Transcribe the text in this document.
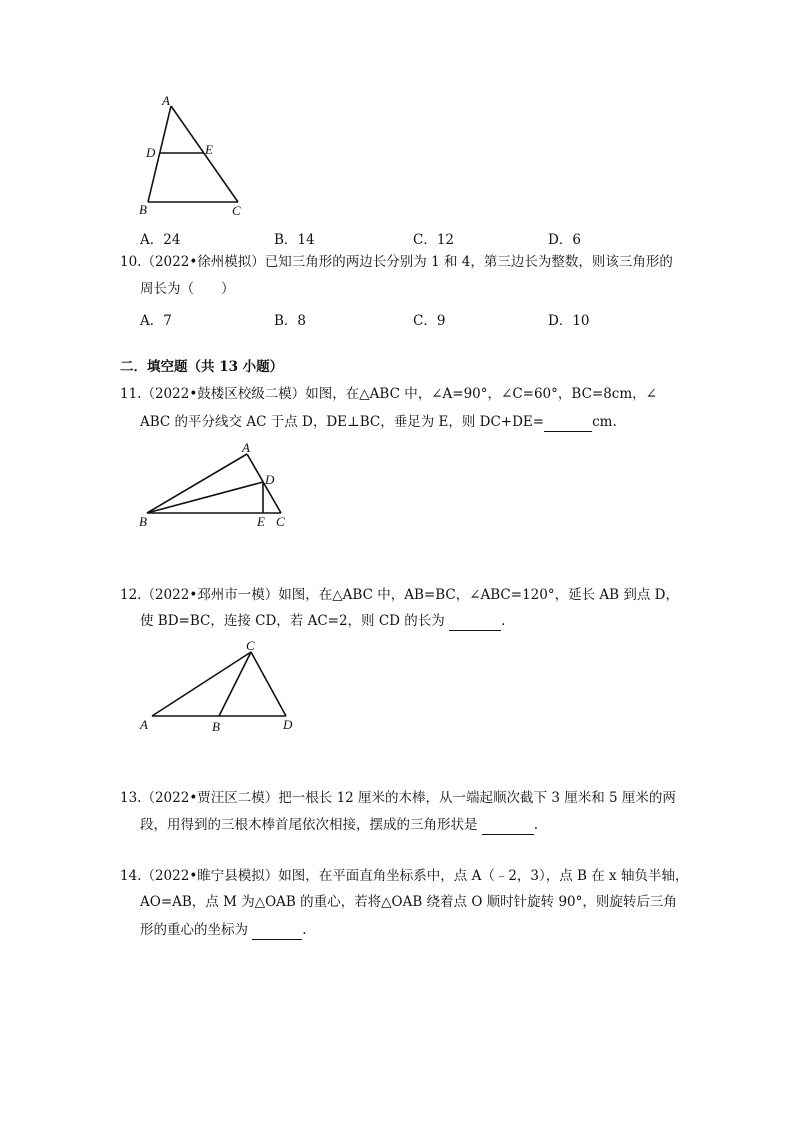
A
D	E
B	C
A．24	B．14	C．12	D．6
10.（2022•徐州模拟）已知三角形的两边长分别为 1 和 4，第三边长为整数，则该三角形的
周长为（　　）
A．7	B．8	C．9	D．10
二．填空题（共 13 小题）
11.（2022•鼓楼区校级二模）如图，在△ABC 中，∠A=90°，∠C=60°，BC=8cm，∠
ABC 的平分线交 AC 于点 D，DE⊥BC，垂足为 E，则 DC+DE=	cm.
A
D
B	E C
12.（2022•邳州市一模）如图，在△ABC 中，AB=BC，∠ABC=120°，延长 AB 到点 D，
使 BD=BC，连接 CD，若 AC=2，则 CD 的长为	.
C
A	B	D
13.（2022•贾汪区二模）把一根长 12 厘米的木棒，从一端起顺次截下 3 厘米和 5 厘米的两
段，用得到的三根木棒首尾依次相接，摆成的三角形状是	.
14.（2022•睢宁县模拟）如图，在平面直角坐标系中，点 A（﹣2，3），点 B 在 x 轴负半轴，
AO=AB，点 M 为△OAB 的重心，若将△OAB 绕着点 O 顺时针旋转 90°，则旋转后三角
形的重心的坐标为	.
